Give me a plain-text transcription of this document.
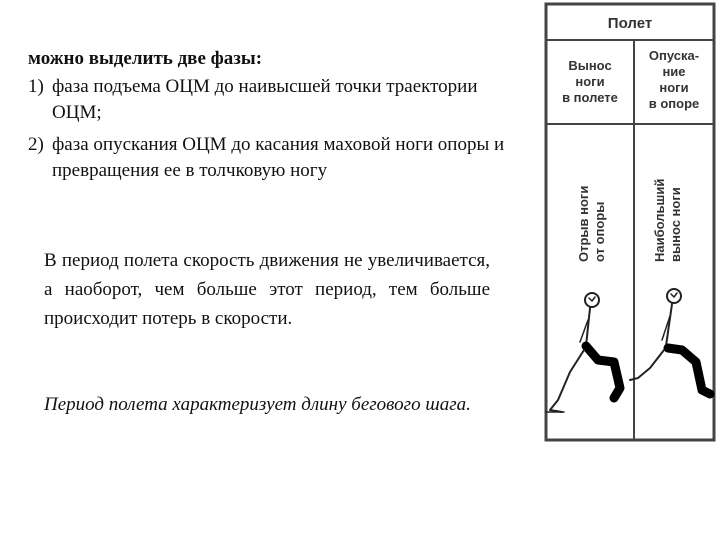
можно выделить две фазы:

1) фаза подъема ОЦМ до наивысшей точки траектории ОЦМ;
2) фаза опускания ОЦМ до касания маховой ноги опоры и превращения ее в толчковую ногу

В период полета скорость движения не увеличивается, а наоборот, чем больше этот период, тем больше происходит потерь в скорости.

Период полета характеризует длину бегового шага.

Полет
Вынос
ноги
в полете
Опуска-
ние
ноги
в опоре
Отрыв ноги от опоры	Наибольший вынос ноги
